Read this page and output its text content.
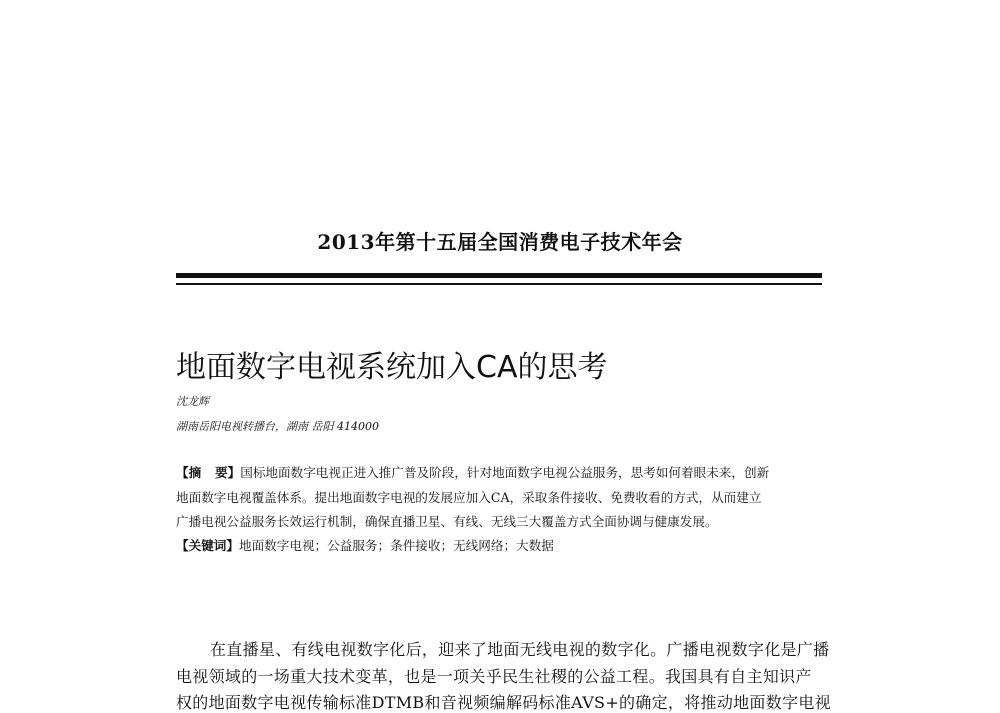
2013年第十五届全国消费电子技术年会
地面数字电视系统加入CA的思考
沈龙辉
湖南岳阳电视转播台，湖南 岳阳 414000
【摘 要】国标地面数字电视正进入推广普及阶段，针对地面数字电视公益服务，思考如何着眼未来，创新
地面数字电视覆盖体系。提出地面数字电视的发展应加入CA，采取条件接收、免费收看的方式，从而建立
广播电视公益服务长效运行机制，确保直播卫星、有线、无线三大覆盖方式全面协调与健康发展。
【关键词】地面数字电视；公益服务；条件接收；无线网络；大数据
在直播星、有线电视数字化后，迎来了地面无线电视的数字化。广播电视数字化是广播
电视领域的一场重大技术变革，也是一项关乎民生社稷的公益工程。我国具有自主知识产
权的地面数字电视传输标准DTMB和音视频编解码标准AVS+的确定，将推动地面数字电视
